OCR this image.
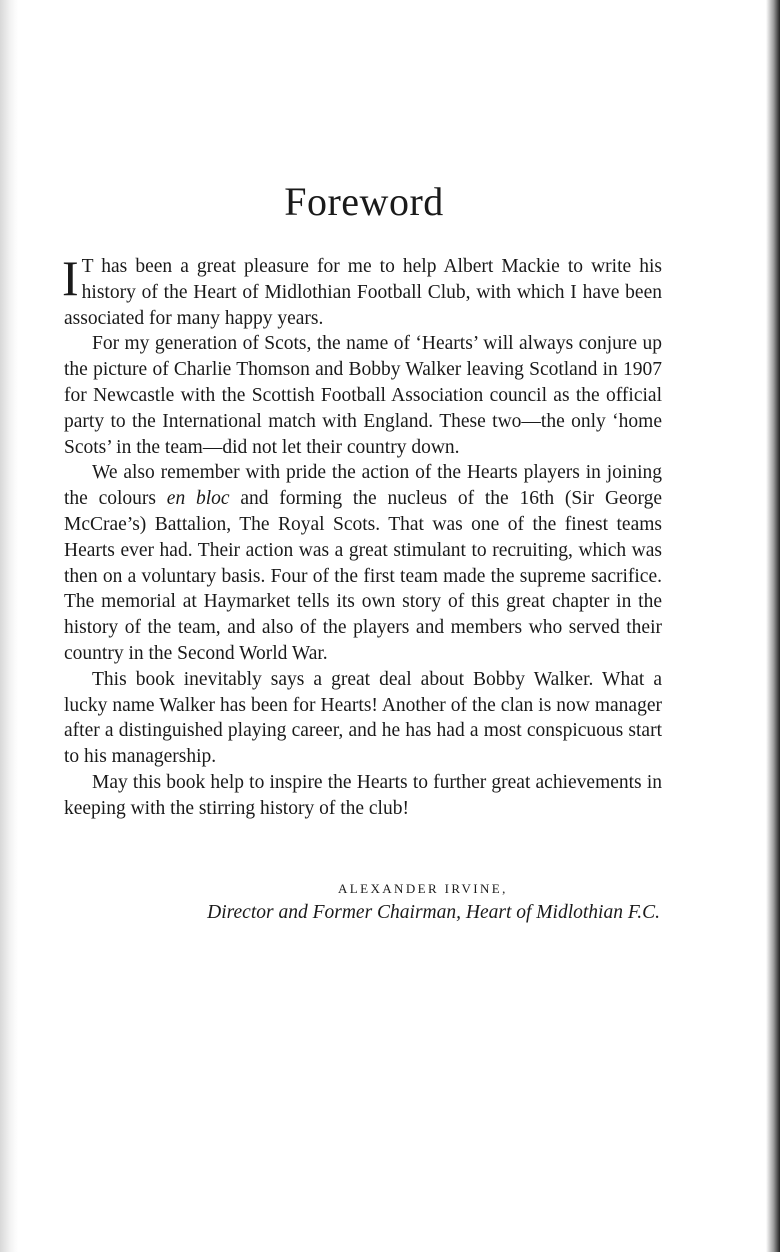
Foreword

I T has been a great pleasure for me to help Albert Mackie to write his history of the Heart of Midlothian Football Club, with which I have been associated for many happy years.

For my generation of Scots, the name of ‘Hearts’ will always conjure up the picture of Charlie Thomson and Bobby Walker leaving Scotland in 1907 for Newcastle with the Scottish Football Association council as the official party to the International match with England. These two—the only ‘home Scots’ in the team—did not let their country down.

We also remember with pride the action of the Hearts players in joining the colours en bloc and forming the nucleus of the 16th (Sir George McCrae’s) Battalion, The Royal Scots. That was one of the finest teams Hearts ever had. Their action was a great stimulant to recruiting, which was then on a voluntary basis. Four of the first team made the supreme sacrifice. The memorial at Haymarket tells its own story of this great chapter in the history of the team, and also of the players and members who served their country in the Second World War.

This book inevitably says a great deal about Bobby Walker. What a lucky name Walker has been for Hearts! Another of the clan is now manager after a distinguished playing career, and he has had a most conspicuous start to his managership.

May this book help to inspire the Hearts to further great achievements in keeping with the stirring history of the club!

ALEXANDER IRVINE,

Director and Former Chairman, Heart of Midlothian F.C.
